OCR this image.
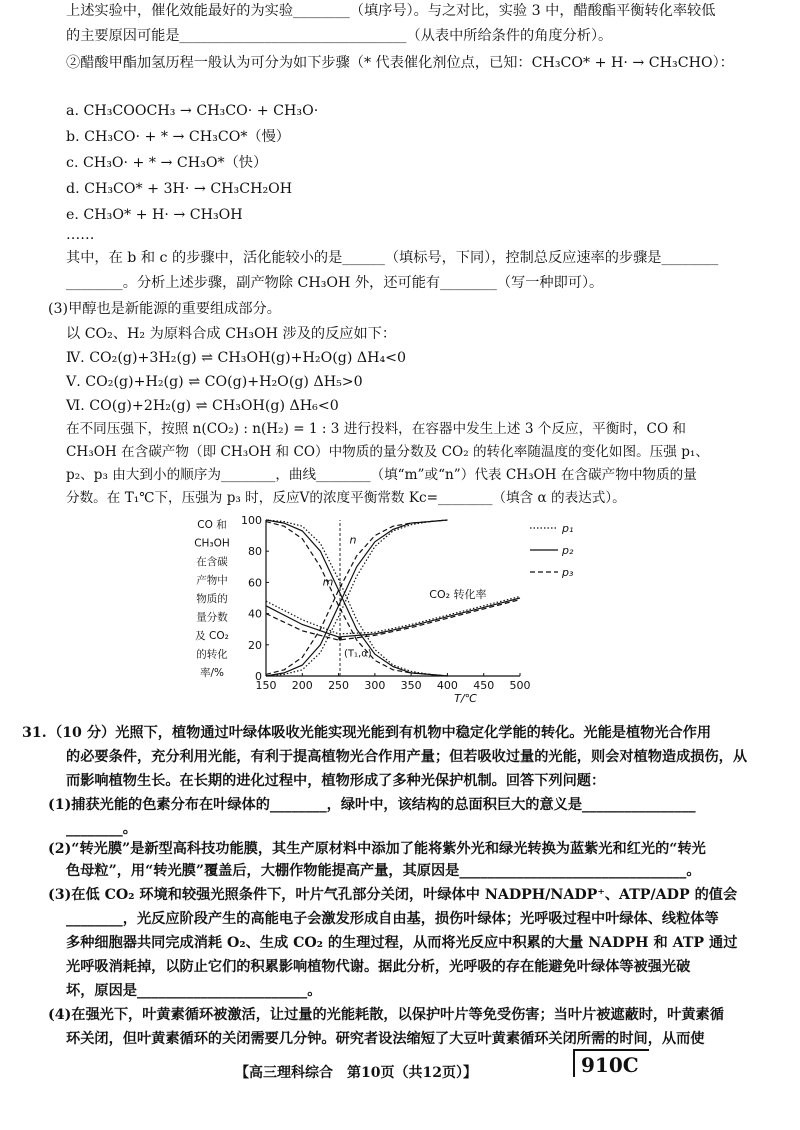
上述实验中，催化效能最好的为实验________（填序号）。与之对比，实验 3 中，醋酸酯平衡转化率较低
的主要原因可能是________________________________（从表中所给条件的角度分析）。
②醋酸甲酯加氢历程一般认为可分为如下步骤（* 代表催化剂位点，已知：CH₃CO* + H· → CH₃CHO）：
a. CH₃COOCH₃ → CH₃CO· + CH₃O·
b. CH₃CO· + * → CH₃CO*（慢）
c. CH₃O· + * → CH₃O*（快）
d. CH₃CO* + 3H· → CH₃CH₂OH
e. CH₃O* + H· → CH₃OH
……
其中，在 b 和 c 的步骤中，活化能较小的是______（填标号，下同），控制总反应速率的步骤是________
________。分析上述步骤，副产物除 CH₃OH 外，还可能有________（写一种即可）。
(3)甲醇也是新能源的重要组成部分。
以 CO₂、H₂ 为原料合成 CH₃OH 涉及的反应如下：
Ⅳ. CO₂(g)+3H₂(g) ⇌ CH₃OH(g)+H₂O(g) ΔH₄<0
Ⅴ. CO₂(g)+H₂(g) ⇌ CO(g)+H₂O(g) ΔH₅>0
Ⅵ. CO(g)+2H₂(g) ⇌ CH₃OH(g) ΔH₆<0
在不同压强下，按照 n(CO₂) : n(H₂) = 1 : 3 进行投料，在容器中发生上述 3 个反应，平衡时，CO 和
CH₃OH 在含碳产物（即 CH₃OH 和 CO）中物质的量分数及 CO₂ 的转化率随温度的变化如图。压强 p₁、
p₂、p₃ 由大到小的顺序为________，曲线________（填“m”或“n”）代表 CH₃OH 在含碳产物中物质的量
分数。在 T₁℃下，压强为 p₃ 时，反应Ⅴ的浓度平衡常数 Kc=________（填含 α 的表达式）。
CO 和
CH₃OH
在含碳
产物中
物质的
量分数
及 CO₂
的转化
率/%
150 200 250 300 350 400 450 500
0
20
40
60
80
100
T/℃
m
n
CO₂ 转化率
(T₁,α)
p₁
p₂
p₃
31. （10 分）光照下，植物通过叶绿体吸收光能实现光能到有机物中稳定化学能的转化。光能是植物光合作用
的必要条件，充分利用光能，有利于提高植物光合作用产量；但若吸收过量的光能，则会对植物造成损伤，从
而影响植物生长。在长期的进化过程中，植物形成了多种光保护机制。回答下列问题：
(1)捕获光能的色素分布在叶绿体的________，绿叶中，该结构的总面积巨大的意义是________________
________。
(2)“转光膜”是新型高科技功能膜，其生产原材料中添加了能将紫外光和绿光转换为蓝紫光和红光的“转光
色母粒”，用“转光膜”覆盖后，大棚作物能提高产量，其原因是________________________________。
(3)在低 CO₂ 环境和较强光照条件下，叶片气孔部分关闭，叶绿体中 NADPH/NADP⁺、ATP/ADP 的值会
________，光反应阶段产生的高能电子会激发形成自由基，损伤叶绿体；光呼吸过程中叶绿体、线粒体等
多种细胞器共同完成消耗 O₂、生成 CO₂ 的生理过程，从而将光反应中积累的大量 NADPH 和 ATP 通过
光呼吸消耗掉，以防止它们的积累影响植物代谢。据此分析，光呼吸的存在能避免叶绿体等被强光破
坏，原因是________________________。
(4)在强光下，叶黄素循环被激活，让过量的光能耗散，以保护叶片等免受伤害；当叶片被遮蔽时，叶黄素循
环关闭，但叶黄素循环的关闭需要几分钟。研究者设法缩短了大豆叶黄素循环关闭所需的时间，从而使
【高三理科综合　第10页（共12页）】	910C
